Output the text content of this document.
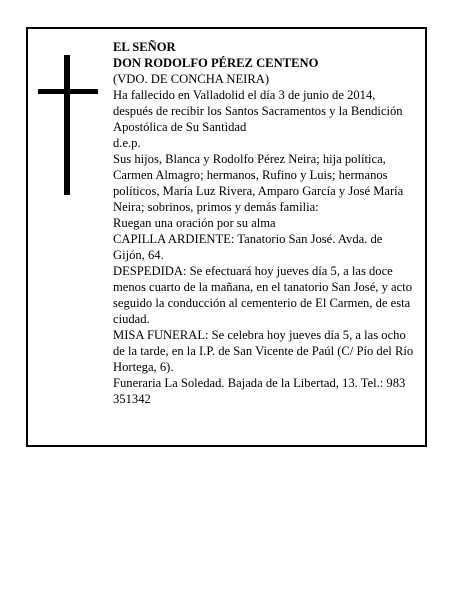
EL SEÑOR

DON RODOLFO PÉREZ CENTENO

(VDO. DE CONCHA NEIRA)

Ha fallecido en Valladolid el día 3 de junio de 2014, después de recibir los Santos Sacramentos y la Bendición Apostólica de Su Santidad

d.e.p.

Sus hijos, Blanca y Rodolfo Pérez Neira; hija política, Carmen Almagro; hermanos, Rufino y Luis; hermanos políticos, María Luz Rivera, Amparo García y José María Neira; sobrinos, primos y demás familia:

Ruegan una oración por su alma

CAPILLA ARDIENTE: Tanatorio San José. Avda. de Gijón, 64.

DESPEDIDA: Se efectuará hoy jueves día 5, a las doce menos cuarto de la mañana, en el tanatorio San José, y acto seguido la conducción al cementerio de El Carmen, de esta ciudad.

MISA FUNERAL: Se celebra hoy jueves día 5, a las ocho de la tarde, en la I.P. de San Vicente de Paúl (C/ Pío del Río Hortega, 6).

Funeraria La Soledad. Bajada de la Libertad, 13. Tel.: 983 351342
